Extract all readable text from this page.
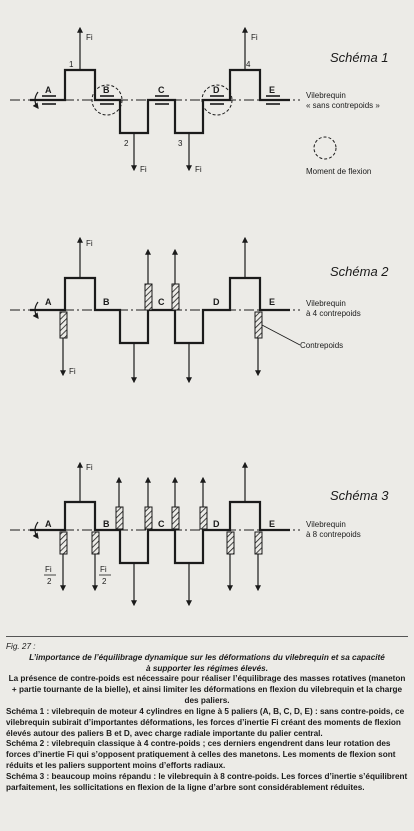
Schéma 1
A	B	C	D	E
1
2	3
4
Fi	Fi
Fi	Fi
Vilebrequin
« sans contrepoids »
Moment de flexion
Schéma 2
A	B	C	D	E
Fi
Fi
Vilebrequin
à 4 contrepoids
Contrepoids
Schéma 3
A	B	C	D	E
Fi
Fi
2
Fi
2
Vilebrequin
à 8 contrepoids

Fig. 27 :

L’importance de l’équilibrage dynamique sur les déformations du vilebrequin et sa capacité

à supporter les régimes élevés.

La présence de contre-poids est nécessaire pour réaliser l’équilibrage des masses rotatives (maneton + partie tournante de la bielle), et ainsi limiter les déformations en flexion du vilebrequin et la charge des paliers.

Schéma 1 : vilebrequin de moteur 4 cylindres en ligne à 5 paliers (A, B, C, D, E) : sans contre-poids, ce vilebrequin subirait d’importantes déformations, les forces d’inertie Fi créant des moments de flexion élevés autour des paliers B et D, avec charge radiale importante du palier central.

Schéma 2 : vilebrequin classique à 4 contre-poids ; ces derniers engendrent dans leur rotation des forces d’inertie Fi qui s’opposent pratiquement à celles des manetons. Les moments de flexion sont réduits et les paliers supportent moins d’efforts radiaux.

Schéma 3 : beaucoup moins répandu : le vilebrequin à 8 contre-poids. Les forces d’inertie s’équilibrent parfaitement, les sollicitations en flexion de la ligne d’arbre sont considérablement réduites.
